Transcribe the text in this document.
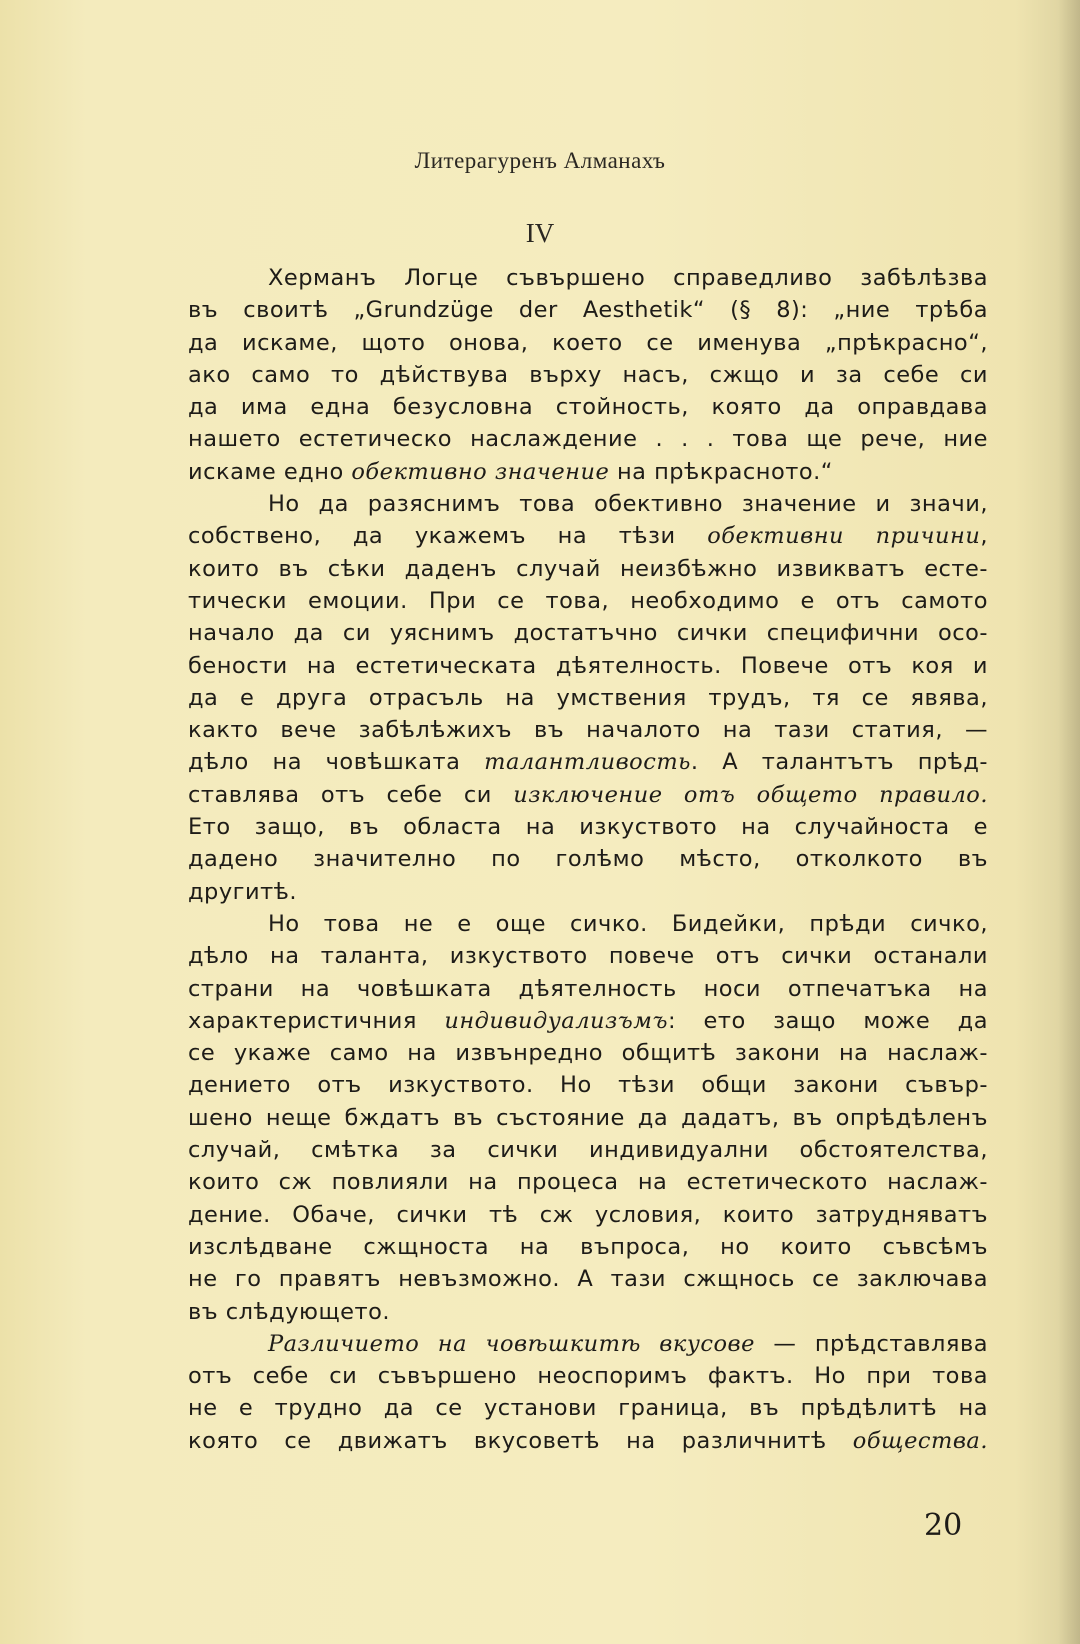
Литерагуренъ Алманахъ
IV
Херманъ Логце съвършено справедливо забѣлѣзва
въ своитѣ „Grundzüge der Aesthetik“ (§ 8): „ние трѣба
да искаме, щото онова, което се именува „прѣкрасно“,
ако само то дѣйствува върху насъ, сжщо и за себе си
да има една безусловна стойность, която да оправдава
нашето естетическо наслаждение . . . това ще рече, ние
искаме едно обективно значение на прѣкрасното.“
Но да разяснимъ това обективно значение и значи,
собствено, да укажемъ на тѣзи обективни причини,
които въ сѣки даденъ случай неизбѣжно извикватъ есте-
тически емоции. При се това, необходимо е отъ самото
начало да си уяснимъ достатъчно сички специфични осо-
бености на естетическата дѣятелность. Повече отъ коя и
да е друга отрасъль на умствения трудъ, тя се явява,
както вече забѣлѣжихъ въ началото на тази статия, —
дѣло на човѣшката талантливость. А талантътъ прѣд-
ставлява отъ себе си изключение отъ общето правило.
Ето защо, въ областа на изкуството на случайноста е
дадено значително по голѣмо мѣсто, отколкото въ
другитѣ.
Но това не е още сичко. Бидейки, прѣди сичко,
дѣло на таланта, изкуството повече отъ сички останали
страни на човѣшката дѣятелность носи отпечатъка на
характеристичния индивидуализъмъ: ето защо може да
се укаже само на извънредно общитѣ закони на наслаж-
дението отъ изкуството. Но тѣзи общи закони съвър-
шено неще бждатъ въ състояние да дадатъ, въ опрѣдѣленъ
случай, смѣтка за сички индивидуални обстоятелства,
които сж повлияли на процеса на естетическото наслаж-
дение. Обаче, сички тѣ сж условия, които затрудняватъ
изслѣдване сжщноста на въпроса, но които съвсѣмъ
не го правятъ невъзможно. А тази сжщнось се заключава
въ слѣдующето.
Различието на човѣшкитѣ вкусове — прѣдставлява
отъ себе си съвършено неоспоримъ фактъ. Но при това
не е трудно да се установи граница, въ прѣдѣлитѣ на
която се движатъ вкусоветѣ на различнитѣ общества.
20
